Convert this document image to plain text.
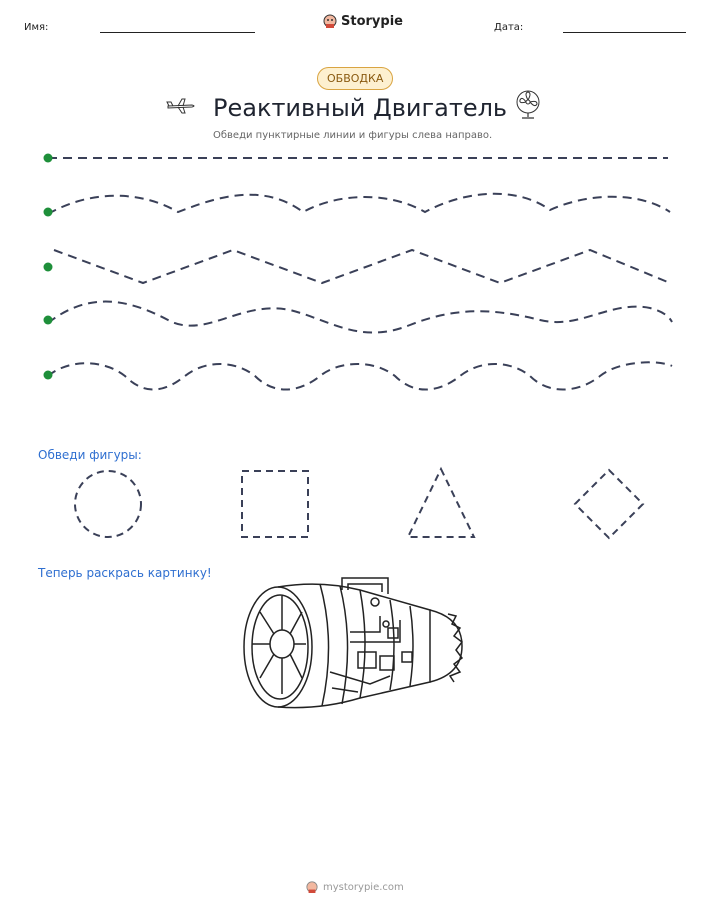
Имя:	Storypie	Дата:
ОБВОДКА
Реактивный Двигатель
Обведи пунктирные линии и фигуры слева направо.
Обведи фигуры:
Теперь раскрась картинку!
mystorypie.com
